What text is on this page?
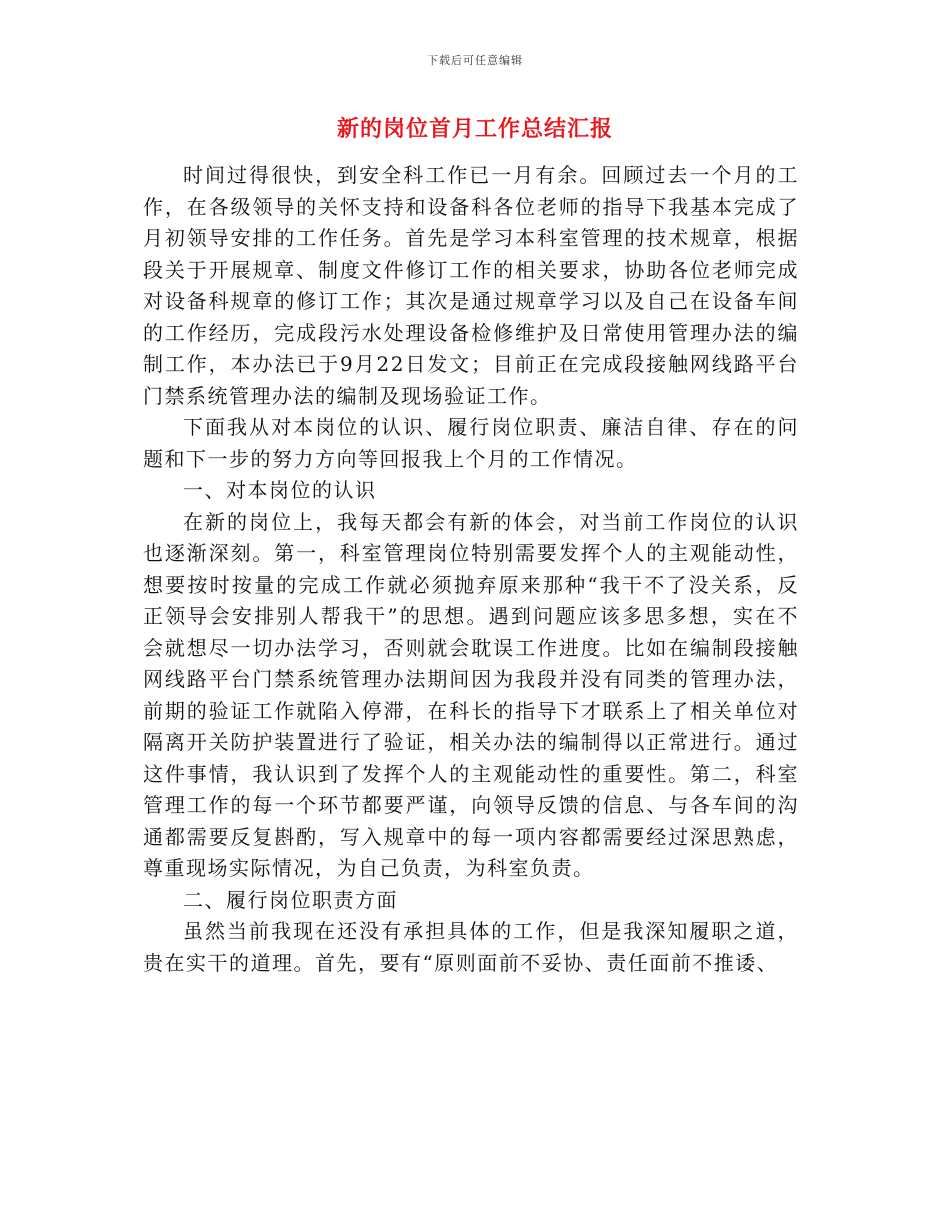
下载后可任意编辑
新的岗位首月工作总结汇报

时间过得很快，到安全科工作已一月有余。回顾过去一个月的工作，在各级领导的关怀支持和设备科各位老师的指导下我基本完成了月初领导安排的工作任务。首先是学习本科室管理的技术规章，根据段关于开展规章、制度文件修订工作的相关要求，协助各位老师完成对设备科规章的修订工作；其次是通过规章学习以及自己在设备车间的工作经历，完成段污水处理设备检修维护及日常使用管理办法的编制工作，本办法已于9月22日发文；目前正在完成段接触网线路平台门禁系统管理办法的编制及现场验证工作。

下面我从对本岗位的认识、履行岗位职责、廉洁自律、存在的问题和下一步的努力方向等回报我上个月的工作情况。

一、对本岗位的认识

在新的岗位上，我每天都会有新的体会，对当前工作岗位的认识也逐渐深刻。第一，科室管理岗位特别需要发挥个人的主观能动性，想要按时按量的完成工作就必须抛弃原来那种“我干不了没关系，反正领导会安排别人帮我干”的思想。遇到问题应该多思多想，实在不会就想尽一切办法学习，否则就会耽误工作进度。比如在编制段接触网线路平台门禁系统管理办法期间因为我段并没有同类的管理办法，前期的验证工作就陷入停滞，在科长的指导下才联系上了相关单位对隔离开关防护装置进行了验证，相关办法的编制得以正常进行。通过这件事情，我认识到了发挥个人的主观能动性的重要性。第二，科室管理工作的每一个环节都要严谨，向领导反馈的信息、与各车间的沟通都需要反复斟酌，写入规章中的每一项内容都需要经过深思熟虑，尊重现场实际情况，为自己负责，为科室负责。

二、履行岗位职责方面

虽然当前我现在还没有承担具体的工作，但是我深知履职之道，贵在实干的道理。首先，要有“原则面前不妥协、责任面前不推诿、
